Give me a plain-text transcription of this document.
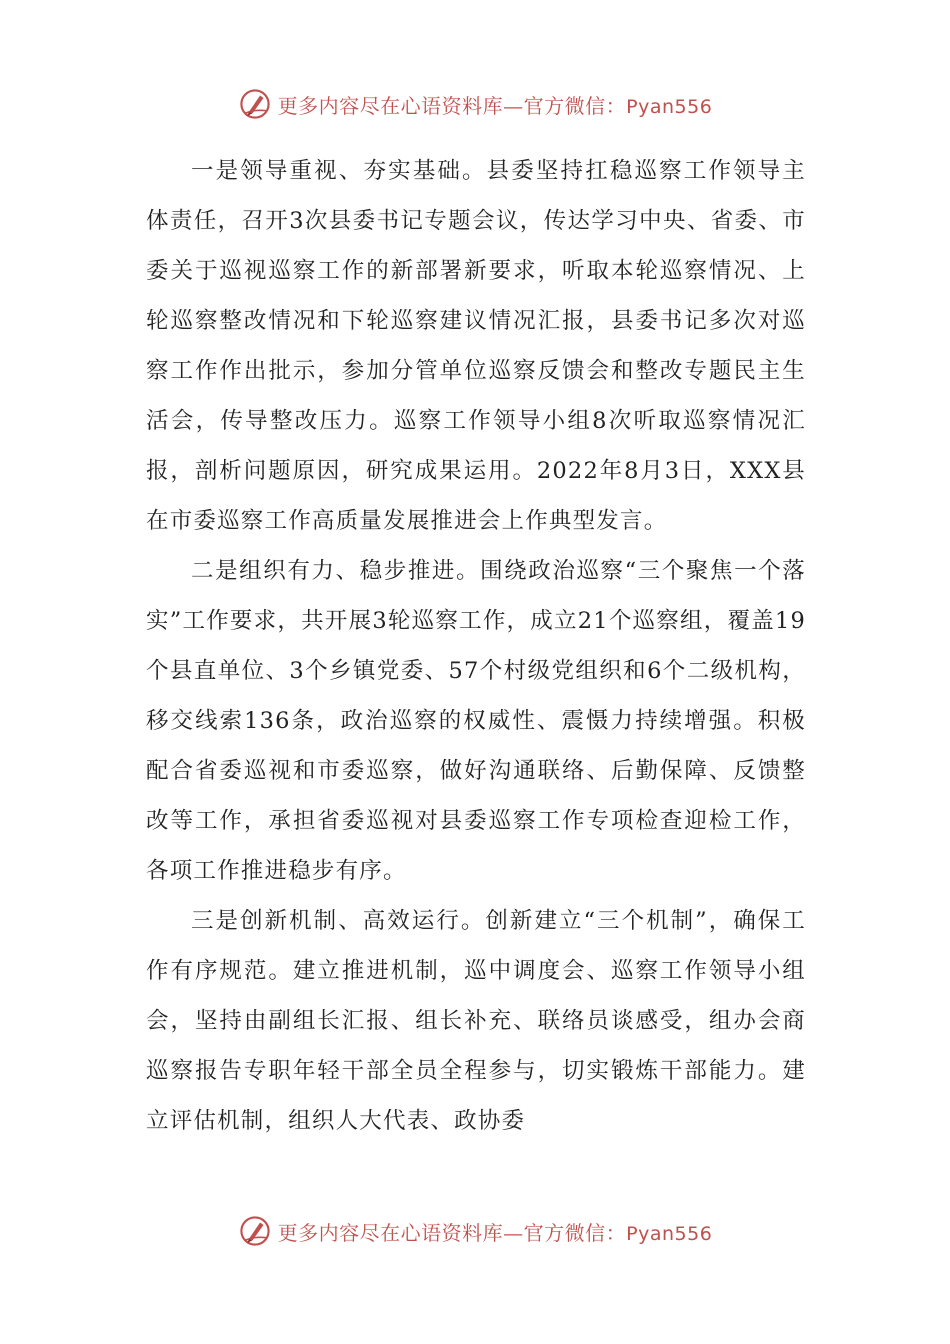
更多内容尽在心语资料库—官方微信：Pyan556

一是领导重视、夯实基础。县委坚持扛稳巡察工作领导主体责任，召开3次县委书记专题会议，传达学习中央、省委、市委关于巡视巡察工作的新部署新要求，听取本轮巡察情况、上轮巡察整改情况和下轮巡察建议情况汇报，县委书记多次对巡察工作作出批示，参加分管单位巡察反馈会和整改专题民主生活会，传导整改压力。巡察工作领导小组8次听取巡察情况汇报，剖析问题原因，研究成果运用。2022年8月3日，XXX县在市委巡察工作高质量发展推进会上作典型发言。

二是组织有力、稳步推进。围绕政治巡察“三个聚焦一个落实”工作要求，共开展3轮巡察工作，成立21个巡察组，覆盖19个县直单位、3个乡镇党委、57个村级党组织和6个二级机构，移交线索136条，政治巡察的权威性、震慑力持续增强。积极配合省委巡视和市委巡察，做好沟通联络、后勤保障、反馈整改等工作，承担省委巡视对县委巡察工作专项检查迎检工作，各项工作推进稳步有序。

三是创新机制、高效运行。创新建立“三个机制”，确保工作有序规范。建立推进机制，巡中调度会、巡察工作领导小组会，坚持由副组长汇报、组长补充、联络员谈感受，组办会商巡察报告专职年轻干部全员全程参与，切实锻炼干部能力。建立评估机制，组织人大代表、政协委

更多内容尽在心语资料库—官方微信：Pyan556
